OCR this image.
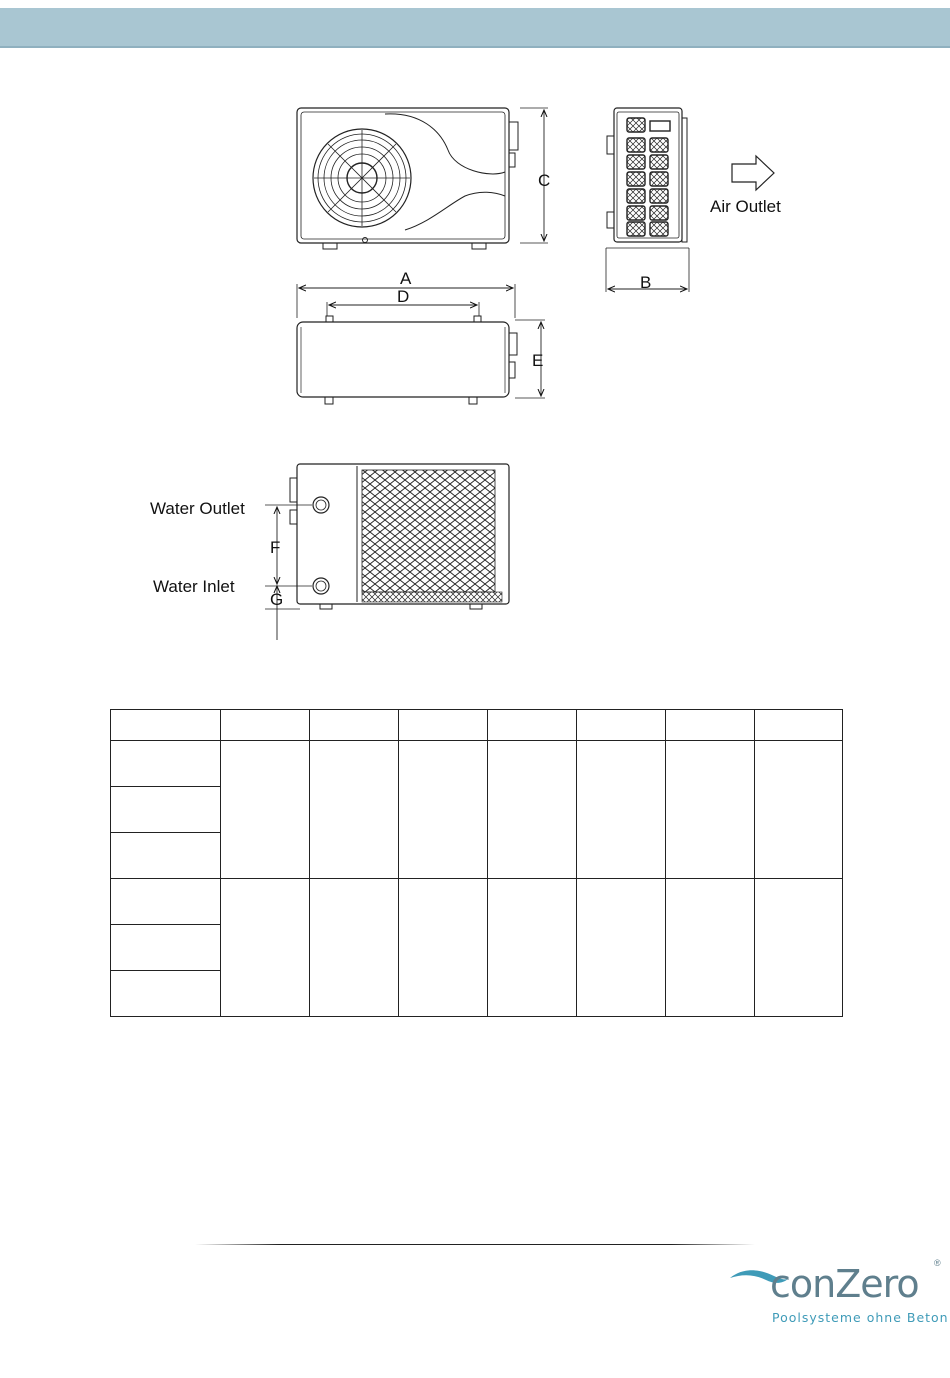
C
B
Air Outlet
A
D
E
Water Outlet
Water Inlet
F
G

conZero ®
Poolsysteme ohne Beton
